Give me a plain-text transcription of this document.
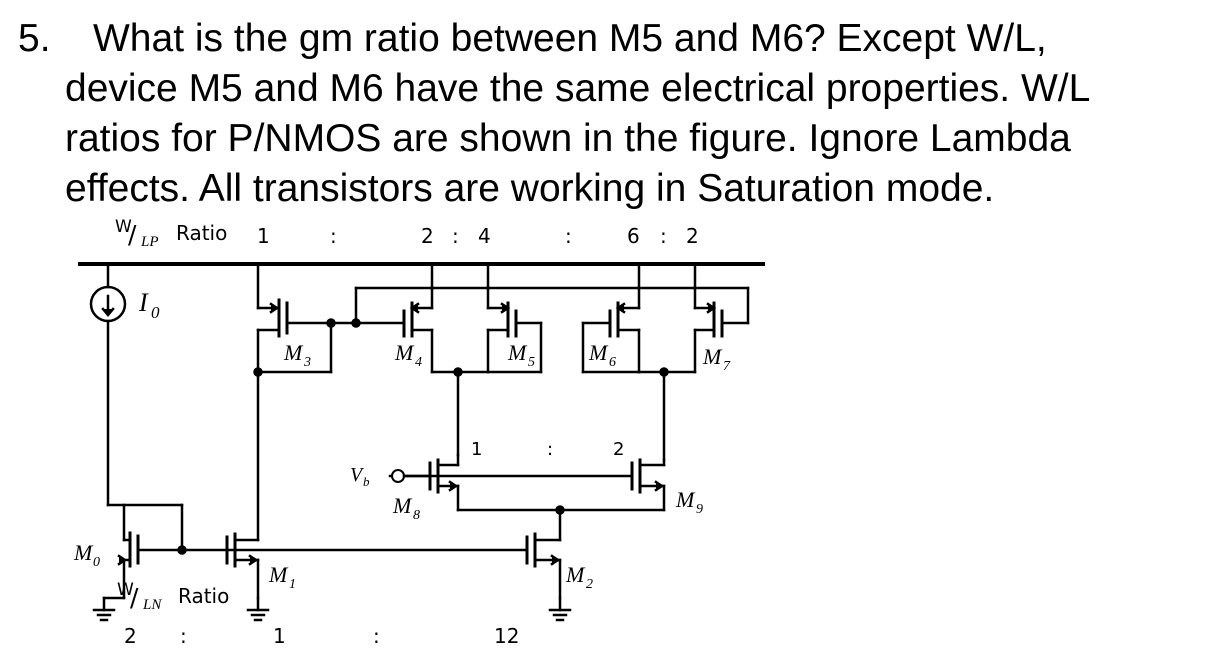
5. What is the gm ratio between M5 and M6? Except W/L,
device M5 and M6 have the same electrical properties. W/L
ratios for P/NMOS are shown in the figure. Ignore Lambda
effects. All transistors are working in Saturation mode.
W
/ LP Ratio 1	:	2 : 4	:	6 : 2
I 0
M 0	M 1	M 2
M 3	M 4	M 5 M 6	M 7
M 8
M 9
V b
1	:	2
W
/ LN Ratio
2 :	1	:	12
